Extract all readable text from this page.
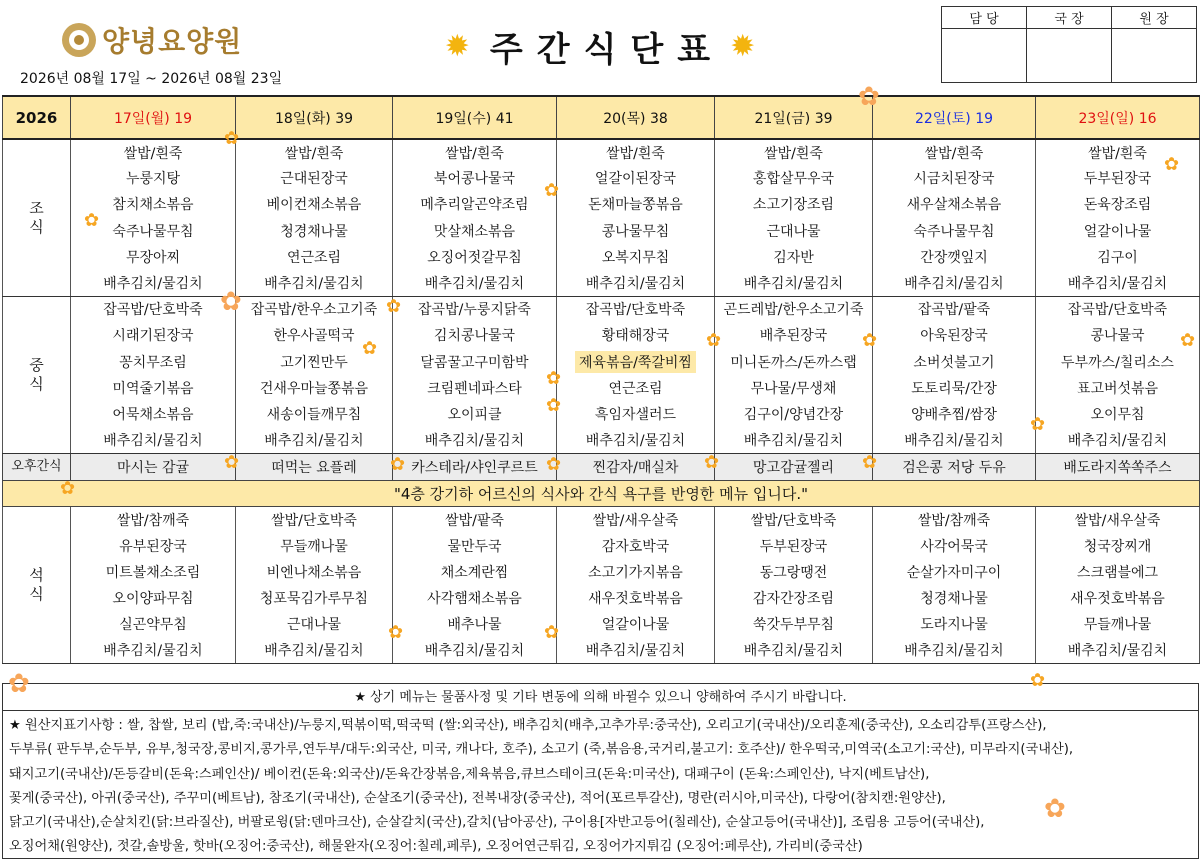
양녕요양원	✹ 주간식단표 ✹
2026년 08월 17일 ~ 2026년 08월 23일
담 당	국 장	원 장

2026	17일(월) 19	18일(화) 39	19일(수) 41	20(목) 38	21일(금) 39	22일(토) 19	23일(일) 16
조
식	쌀밥/흰죽	쌀밥/흰죽	쌀밥/흰죽	쌀밥/흰죽	쌀밥/흰죽	쌀밥/흰죽	쌀밥/흰죽
	누룽지탕	근대된장국	북어콩나물국	얼갈이된장국	홍합살무우국	시금치된장국	두부된장국
	참치채소볶음	베이컨채소볶음	메추리알곤약조림	돈채마늘쫑볶음	소고기장조림	새우살채소볶음	돈육장조림
	숙주나물무침	청경채나물	맛살채소볶음	콩나물무침	근대나물	숙주나물무침	얼갈이나물
	무장아찌	연근조림	오징어젓갈무침	오복지무침	김자반	간장깻잎지	김구이
	배추김치/물김치	배추김치/물김치	배추김치/물김치	배추김치/물김치	배추김치/물김치	배추김치/물김치	배추김치/물김치
중
식	잡곡밥/단호박죽	잡곡밥/한우소고기죽	잡곡밥/누룽지닭죽	잡곡밥/단호박죽	곤드레밥/한우소고기죽	잡곡밥/팥죽	잡곡밥/단호박죽
	시래기된장국	한우사골떡국	김치콩나물국	황태해장국	배추된장국	아욱된장국	콩나물국
	꽁치무조림	고기찐만두	달콤꿀고구미함박	제육볶음/쭉갈비찜	미니돈까스/돈까스랩	소버섯불고기	두부까스/칠리소스
	미역줄기볶음	건새우마늘쫑볶음	크림펜네파스타	연근조림	무나물/무생채	도토리묵/간장	표고버섯볶음
	어묵채소볶음	새송이들깨무침	오이피클	흑임자샐러드	김구이/양념간장	양배추찜/쌈장	오이무침
	배추김치/물김치	배추김치/물김치	배추김치/물김치	배추김치/물김치	배추김치/물김치	배추김치/물김치	배추김치/물김치
오후간식	마시는 감귤	떠먹는 요플레	카스테라/샤인쿠르트	찐감자/매실차	망고감귤젤리	검은콩 저당 두유	배도라지쏙쏙주스
"4층 강기하 어르신의 식사와 간식 욕구를 반영한 메뉴 입니다."							
석
식	쌀밥/참깨죽	쌀밥/단호박죽	쌀밥/팥죽	쌀밥/새우살죽	쌀밥/단호박죽	쌀밥/참깨죽	쌀밥/새우살죽
	유부된장국	무들깨나물	물만두국	감자호박국	두부된장국	사각어묵국	청국장찌개
	미트볼채소조림	비엔나채소볶음	채소계란찜	소고기가지볶음	동그랑땡전	순살가자미구이	스크램블에그
	오이양파무침	청포묵김가루무침	사각햄채소볶음	새우젓호박볶음	감자간장조림	청경채나물	새우젓호박볶음
	실곤약무침	근대나물	배추나물	얼갈이나물	쑥갓두부무침	도라지나물	무들깨나물
	배추김치/물김치	배추김치/물김치	배추김치/물김치	배추김치/물김치	배추김치/물김치	배추김치/물김치	배추김치/물김치
★ 상기 메뉴는 물품사정 및 기타 변동에 의해 바뀔수 있으니 양해하여 주시기 바랍니다.
★ 원산지표기사항 : 쌀, 찹쌀, 보리 (밥,죽:국내산)/누룽지,떡볶이떡,떡국떡 (쌀:외국산), 배추김치(배추,고추가루:중국산), 오리고기(국내산)/오리훈제(중국산), 오소리감투(프랑스산),
두부류( 판두부,순두부, 유부,청국장,콩비지,콩가루,연두부/대두:외국산, 미국, 캐나다, 호주), 소고기 (죽,볶음용,국거리,불고기: 호주산)/ 한우떡국,미역국(소고기:국산), 미무라지(국내산),
돼지고기(국내산)/돈등갈비(돈육:스페인산)/ 베이컨(돈육:외국산)/돈육간장볶음,제육볶음,큐브스테이크(돈육:미국산), 대패구이 (돈육:스페인산), 낙지(베트남산),
꽃게(중국산), 아귀(중국산), 주꾸미(베트남), 참조기(국내산), 순살조기(중국산), 전복내장(중국산), 적어(포르투갈산), 명란(러시아,미국산), 다랑어(참치캔:원양산),
닭고기(국내산),순살치킨(닭:브라질산), 버팔로윙(닭:덴마크산), 순살갈치(국산),갈치(남아공산), 구이용[자반고등어(칠레산), 순살고등어(국내산)], 조림용 고등어(국내산),
오징어채(원양산), 젓갈,솔방울, 핫바(오징어:중국산), 해물완자(오징어:칠레,페루), 오징어연근튀김, 오징어가지튀김 (오징어:페루산), 가리비(중국산)
✿
✿
✿
✿
✿
✿	✿
✿	✿	✿
✿
✿
✿
✿
✿	✿	✿	✿	✿
✿
✿	✿
✿	✿
✿
